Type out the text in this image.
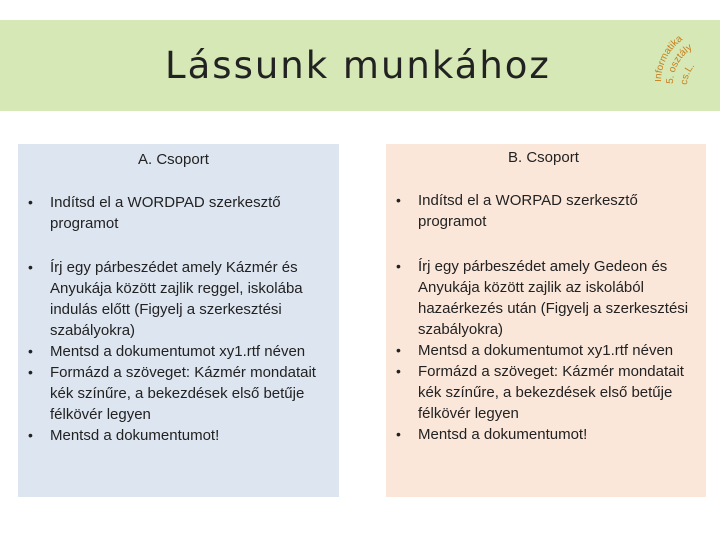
Lássunk munkához	ormatika
5. osztály
cs.L.
A. Csoport	B. Csoport
• Indítsd el a WORDPAD szerkesztő programot
• Írj egy párbeszédet amely Kázmér és Anyukája között zajlik reggel, iskolába indulás előtt (Figyelj a szerkesztési szabályokra)
• Mentsd a dokumentumot xy1.rtf néven
• Formázd a szöveget: Kázmér mondatait kék színűre, a bekezdések első betűje félkövér legyen
• Mentsd a dokumentumot!
• Indítsd el a WORPAD szerkesztő programot
• Írj egy párbeszédet amely Gedeon és Anyukája között zajlik az iskolából hazaérkezés után (Figyelj a szerkesztési szabályokra)
• Mentsd a dokumentumot xy1.rtf néven
• Formázd a szöveget: Kázmér mondatait kék színűre, a bekezdések első betűje félkövér legyen
• Mentsd a dokumentumot!
